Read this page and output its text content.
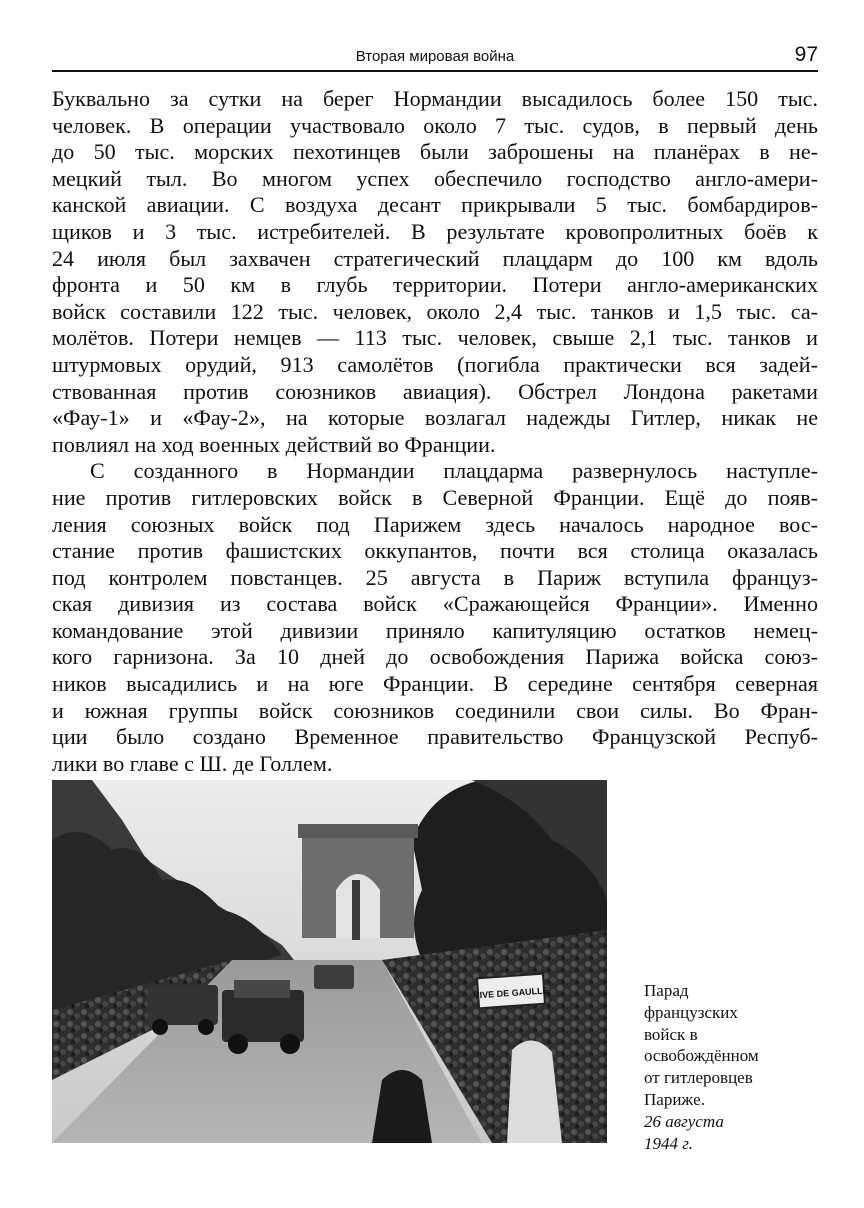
Вторая мировая война	97
Буквально за сутки на берег Нормандии высадилось более 150 тыс.
человек. В операции участвовало около 7 тыс. судов, в первый день
до 50 тыс. морских пехотинцев были заброшены на планёрах в не-
мецкий тыл. Во многом успех обеспечило господство англо-амери-
канской авиации. С воздуха десант прикрывали 5 тыс. бомбардиров-
щиков и 3 тыс. истребителей. В результате кровопролитных боёв к
24 июля был захвачен стратегический плацдарм до 100 км вдоль
фронта и 50 км в глубь территории. Потери англо-американских
войск составили 122 тыс. человек, около 2,4 тыс. танков и 1,5 тыс. са-
молётов. Потери немцев — 113 тыс. человек, свыше 2,1 тыс. танков и
штурмовых орудий, 913 самолётов (погибла практически вся задей-
ствованная против союзников авиация). Обстрел Лондона ракетами
«Фау-1» и «Фау-2», на которые возлагал надежды Гитлер, никак не
повлиял на ход военных действий во Франции.
С созданного в Нормандии плацдарма развернулось наступле-
ние против гитлеровских войск в Северной Франции. Ещё до появ-
ления союзных войск под Парижем здесь началось народное вос-
стание против фашистских оккупантов, почти вся столица оказалась
под контролем повстанцев. 25 августа в Париж вступила француз-
ская дивизия из состава войск «Сражающейся Франции». Именно
командование этой дивизии приняло капитуляцию остатков немец-
кого гарнизона. За 10 дней до освобождения Парижа войска союз-
ников высадились и на юге Франции. В середине сентября северная
и южная группы войск союзников соединили свои силы. Во Фран-
ции было создано Временное правительство Французской Респуб-
лики во главе с Ш. де Голлем.
VIVE DE GAULLE	Парад
французских
войск в
освобождённом
от гитлеровцев
Парижe.
26 августа
1944 г.
